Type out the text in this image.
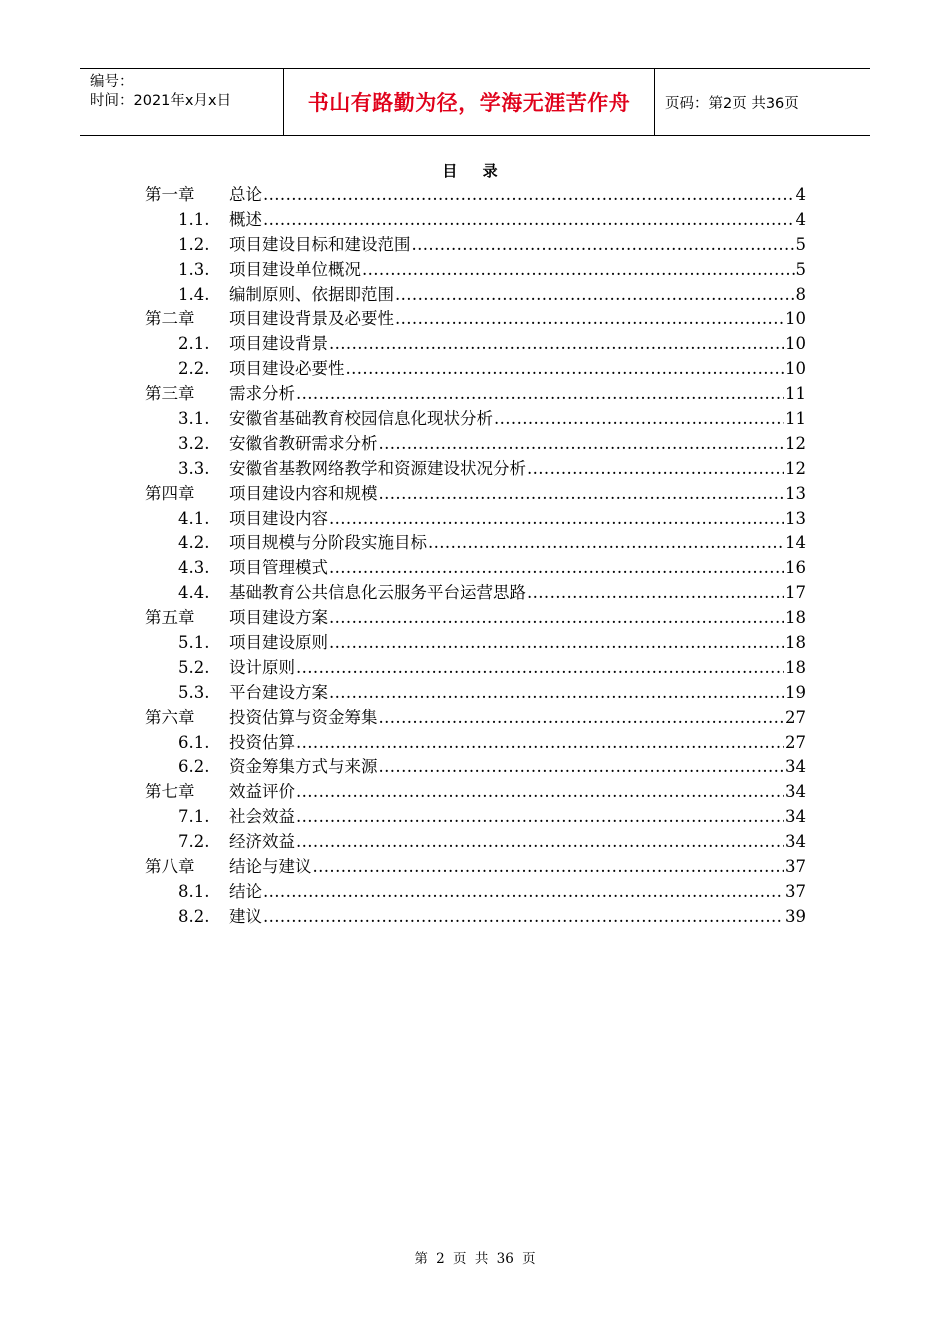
编号：
时间：2021年x月x日	书山有路勤为径，学海无涯苦作舟 页码：第2页 共36页
目 录
第一章 总论 .....	4
1.1. 概述 .....	4
1.2. 项目建设目标和建设范围 .....	5
1.3. 项目建设单位概况 .....	5
1.4. 编制原则、依据即范围 .....	8
第二章 项目建设背景及必要性 .....	10
2.1. 项目建设背景 .....	10
2.2. 项目建设必要性 .....	10
第三章 需求分析 .....	11
3.1. 安徽省基础教育校园信息化现状分析 .....	11
3.2. 安徽省教研需求分析 .....	12
3.3. 安徽省基教网络教学和资源建设状况分析 .....	12
第四章 项目建设内容和规模 .....	13
4.1. 项目建设内容 .....	13
4.2. 项目规模与分阶段实施目标 .....	14
4.3. 项目管理模式 .....	16
4.4. 基础教育公共信息化云服务平台运营思路 .....	17
第五章 项目建设方案 .....	18
5.1. 项目建设原则 .....	18
5.2. 设计原则 .....	18
5.3. 平台建设方案 .....	19
第六章 投资估算与资金筹集 .....	27
6.1. 投资估算 .....	27
6.2. 资金筹集方式与来源 .....	34
第七章 效益评价 .....	34
7.1. 社会效益 .....	34
7.2. 经济效益 .....	34
第八章 结论与建议 .....	37
8.1. 结论 .....	37
8.2. 建议 .....	39
第 2 页 共 36 页
